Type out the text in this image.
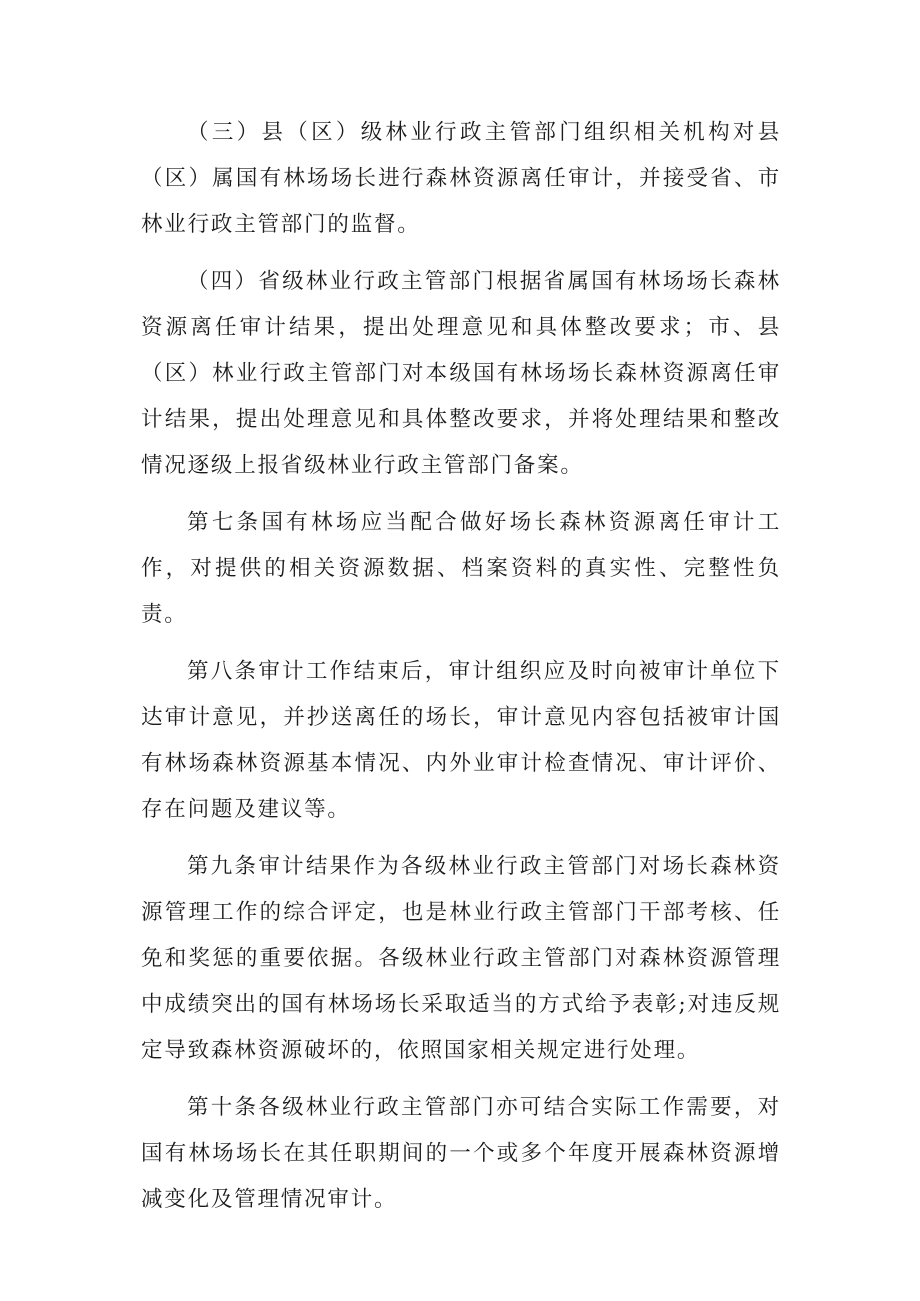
（三）县（区）级林业行政主管部门组织相关机构对县（区）属国有林场场长进行森林资源离任审计，并接受省、市林业行政主管部门的监督。

（四）省级林业行政主管部门根据省属国有林场场长森林资源离任审计结果，提出处理意见和具体整改要求；市、县（区）林业行政主管部门对本级国有林场场长森林资源离任审计结果，提出处理意见和具体整改要求，并将处理结果和整改情况逐级上报省级林业行政主管部门备案。

第七条国有林场应当配合做好场长森林资源离任审计工作，对提供的相关资源数据、档案资料的真实性、完整性负责。

第八条审计工作结束后，审计组织应及时向被审计单位下达审计意见，并抄送离任的场长，审计意见内容包括被审计国有林场森林资源基本情况、内外业审计检查情况、审计评价、存在问题及建议等。

第九条审计结果作为各级林业行政主管部门对场长森林资源管理工作的综合评定，也是林业行政主管部门干部考核、任免和奖惩的重要依据。各级林业行政主管部门对森林资源管理中成绩突出的国有林场场长采取适当的方式给予表彰;对违反规定导致森林资源破坏的，依照国家相关规定进行处理。

第十条各级林业行政主管部门亦可结合实际工作需要，对国有林场场长在其任职期间的一个或多个年度开展森林资源增减变化及管理情况审计。
